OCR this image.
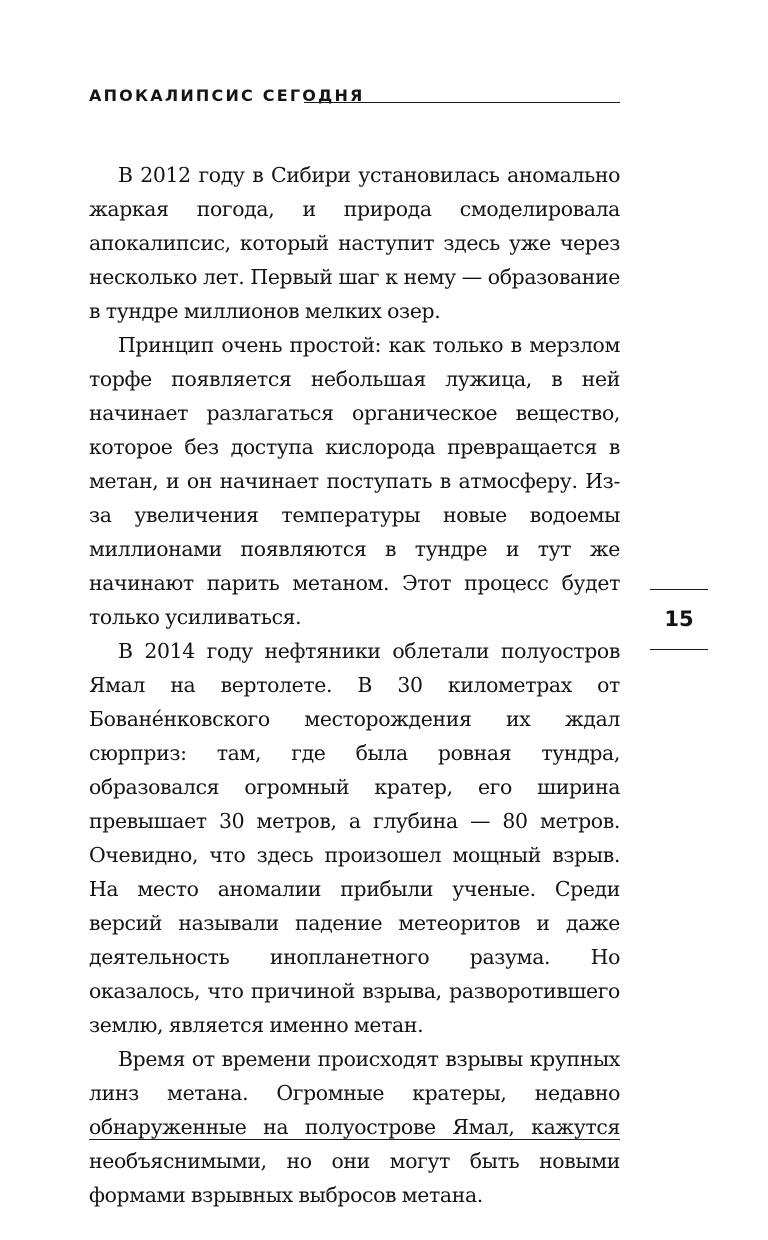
АПОКАЛИПСИС СЕГОДНЯ

В 2012 году в Сибири установилась аномально жаркая погода, и природа смоделировала апокалипсис, который наступит здесь уже через несколько лет. Первый шаг к нему — образование в тундре миллионов мелких озер.

Принцип очень простой: как только в мерзлом торфе появляется небольшая лужица, в ней начинает разлагаться органическое вещество, которое без доступа кислорода превращается в метан, и он начинает поступать в атмосферу. Из-за увеличения температуры новые водоемы миллионами появляются в тундре и тут же начинают парить метаном. Этот процесс будет только усиливаться.

В 2014 году нефтяники облетали полуостров Ямал на вертолете. В 30 километрах от Бованéнковского месторождения их ждал сюрприз: там, где была ровная тундра, образовался огромный кратер, его ширина превышает 30 метров, а глубина — 80 метров. Очевидно, что здесь произошел мощный взрыв. На место аномалии прибыли ученые. Среди версий называли падение метеоритов и даже деятельность инопланетного разума. Но оказалось, что причиной взрыва, разворотившего землю, является именно метан.

Время от времени происходят взрывы крупных линз метана. Огромные кратеры, недавно обнаруженные на полуострове Ямал, кажутся необъяснимыми, но они могут быть новыми формами взрывных выбросов метана.

15
